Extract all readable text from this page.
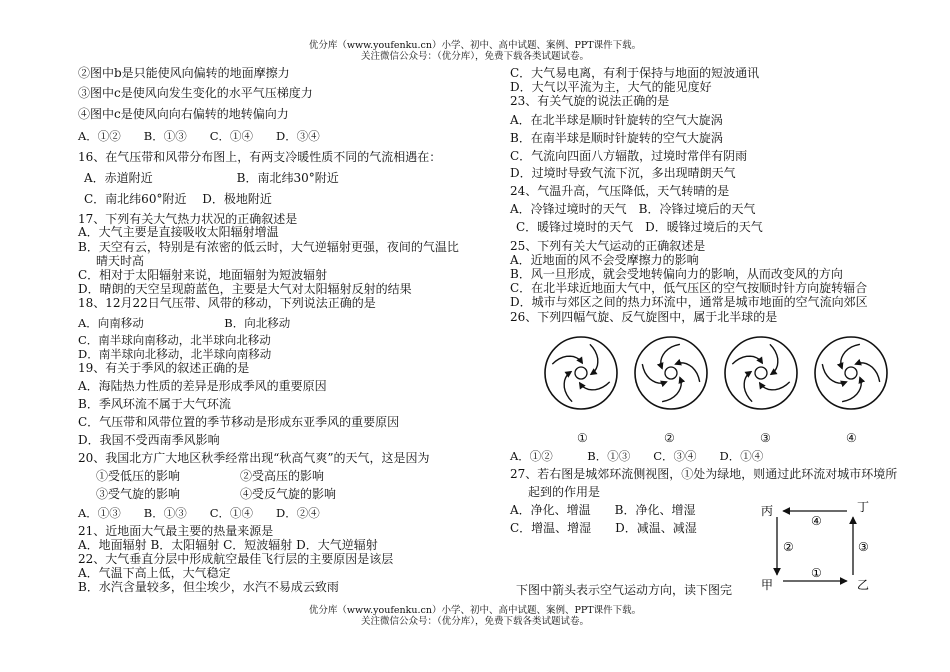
优分库（www.youfenku.cn）小学、初中、高中试题、案例、PPT课件下载。
关注微信公众号：（优分库），免费下载各类试题试卷。
②图中b是只能使风向偏转的地面摩擦力
③图中c是使风向发生变化的水平气压梯度力
④图中c是使风向向右偏转的地转偏向力
A．①②　　B．①③　　C．①④　　D．③④
16、在气压带和风带分布图上，有两支冷暖性质不同的气流相遇在：
A．赤道附近　　　　　　　B．南北纬30°附近
C．南北纬60°附近　 D．极地附近
17、下列有关大气热力状况的正确叙述是
A．大气主要是直接吸收太阳辐射增温
B．天空有云，特别是有浓密的低云时，大气逆辐射更强，夜间的气温比
晴天时高
C．相对于太阳辐射来说，地面辐射为短波辐射
D．晴朗的天空呈现蔚蓝色，主要是大气对太阳辐射反射的结果
18、12月22日气压带、风带的移动，下列说法正确的是
A．向南移动　　　　　　　B．向北移动
C．南半球向南移动，北半球向北移动
D．南半球向北移动，北半球向南移动
19、有关于季风的叙述正确的是
A．海陆热力性质的差异是形成季风的重要原因
B．季风环流不属于大气环流
C．气压带和风带位置的季节移动是形成东亚季风的重要原因
D．我国不受西南季风影响
20、我国北方广大地区秋季经常出现“秋高气爽”的天气，这是因为
①受低压的影响　　　　　②受高压的影响
③受气旋的影响　　　　　④受反气旋的影响
A．①③　　B．①③　　C．①④　　D．②④
21、近地面大气最主要的热量来源是
A．地面辐射 B．太阳辐射 C．短波辐射 D．大气逆辐射
22、大气垂直分层中形成航空最佳飞行层的主要原因是该层
A．气温下高上低，大气稳定
B．水汽含量较多，但尘埃少，水汽不易成云致雨
C．大气易电离，有利于保持与地面的短波通讯
D．大气以平流为主，大气的能见度好
23、有关气旋的说法正确的是
A．在北半球是顺时针旋转的空气大旋涡
B．在南半球是顺时针旋转的空气大旋涡
C．气流向四面八方辐散，过境时常伴有阴雨
D．过境时导致气流下沉，多出现晴朗天气
24、气温升高，气压降低，天气转晴的是
A．冷锋过境时的天气　B．冷锋过境后的天气
C．暖锋过境时的天气　D．暖锋过境后的天气
25、下列有关大气运动的正确叙述是
A．近地面的风不会受摩擦力的影响
B．风一旦形成，就会受地转偏向力的影响，从而改变风的方向
C．在北半球近地面大气中，低气压区的空气按顺时针方向旋转辐合
D．城市与郊区之间的热力环流中，通常是城市地面的空气流向郊区
26、下列四幅气旋、反气旋图中，属于北半球的是
①	②	③	④
A．①②　　　B．①③　　C．③④　　D．①④
27、若右图是城郊环流侧视图，①处为绿地，则通过此环流对城市环境所
起到的作用是
A．净化、增温　　B．净化、增湿
C．增温、增湿　　D．减温、减湿
下图中箭头表示空气运动方向，读下图完
丙	丁
甲	乙
④
②	③
①
优分库（www.youfenku.cn）小学、初中、高中试题、案例、PPT课件下载。
关注微信公众号：（优分库），免费下载各类试题试卷。
